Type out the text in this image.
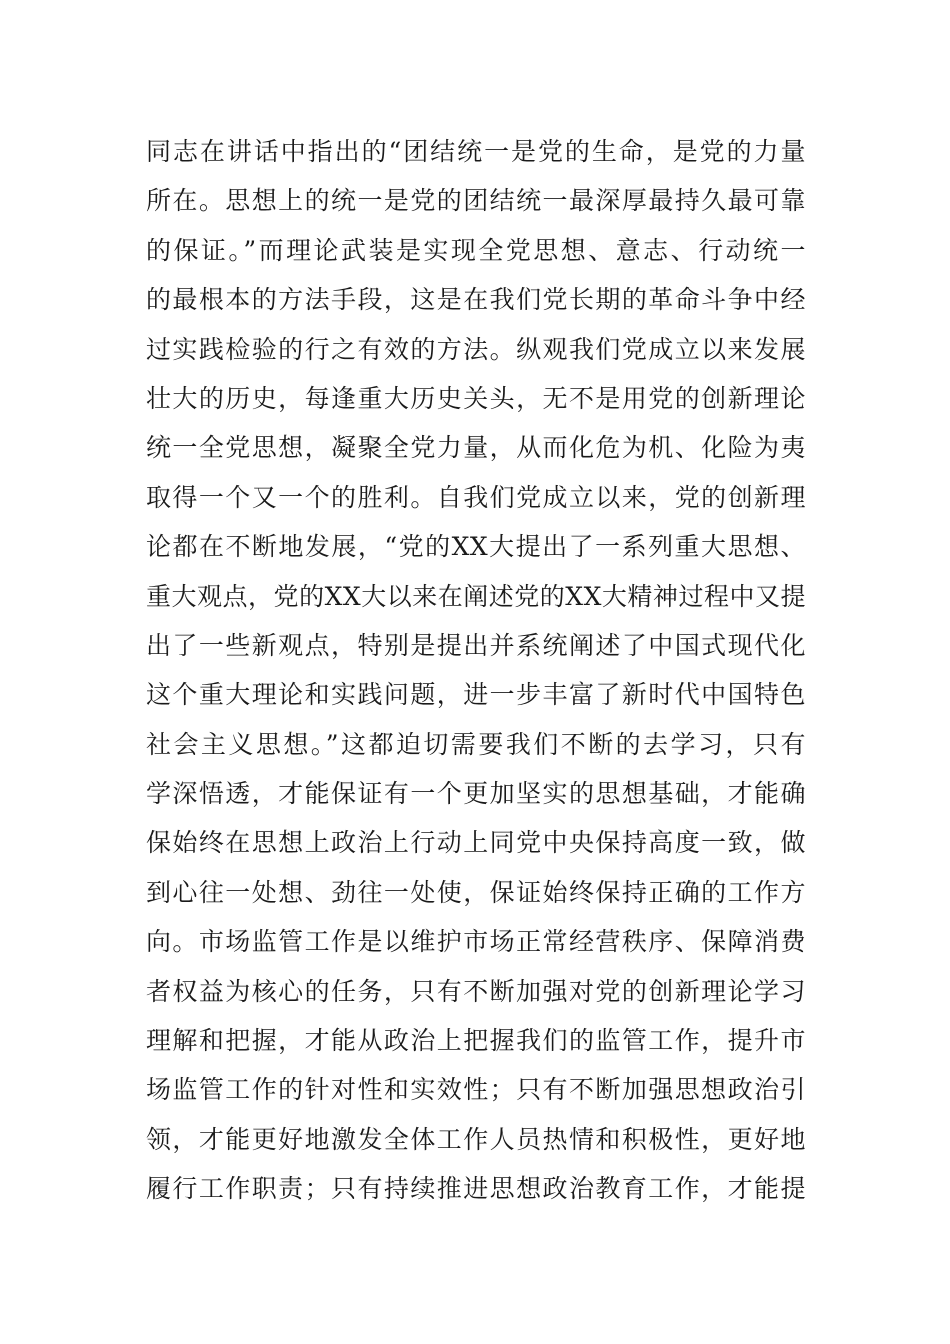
同志在讲话中指出的“团结统一是党的生命，是党的力量
所在。思想上的统一是党的团结统一最深厚最持久最可靠
的保证。”而理论武装是实现全党思想、意志、行动统一
的最根本的方法手段，这是在我们党长期的革命斗争中经
过实践检验的行之有效的方法。纵观我们党成立以来发展
壮大的历史，每逢重大历史关头，无不是用党的创新理论
统一全党思想，凝聚全党力量，从而化危为机、化险为夷
取得一个又一个的胜利。自我们党成立以来，党的创新理
论都在不断地发展，“党的XX大提出了一系列重大思想、
重大观点，党的XX大以来在阐述党的XX大精神过程中又提
出了一些新观点，特别是提出并系统阐述了中国式现代化
这个重大理论和实践问题，进一步丰富了新时代中国特色
社会主义思想。”这都迫切需要我们不断的去学习，只有
学深悟透，才能保证有一个更加坚实的思想基础，才能确
保始终在思想上政治上行动上同党中央保持高度一致，做
到心往一处想、劲往一处使，保证始终保持正确的工作方
向。市场监管工作是以维护市场正常经营秩序、保障消费
者权益为核心的任务，只有不断加强对党的创新理论学习
理解和把握，才能从政治上把握我们的监管工作，提升市
场监管工作的针对性和实效性；只有不断加强思想政治引
领，才能更好地激发全体工作人员热情和积极性，更好地
履行工作职责；只有持续推进思想政治教育工作，才能提
